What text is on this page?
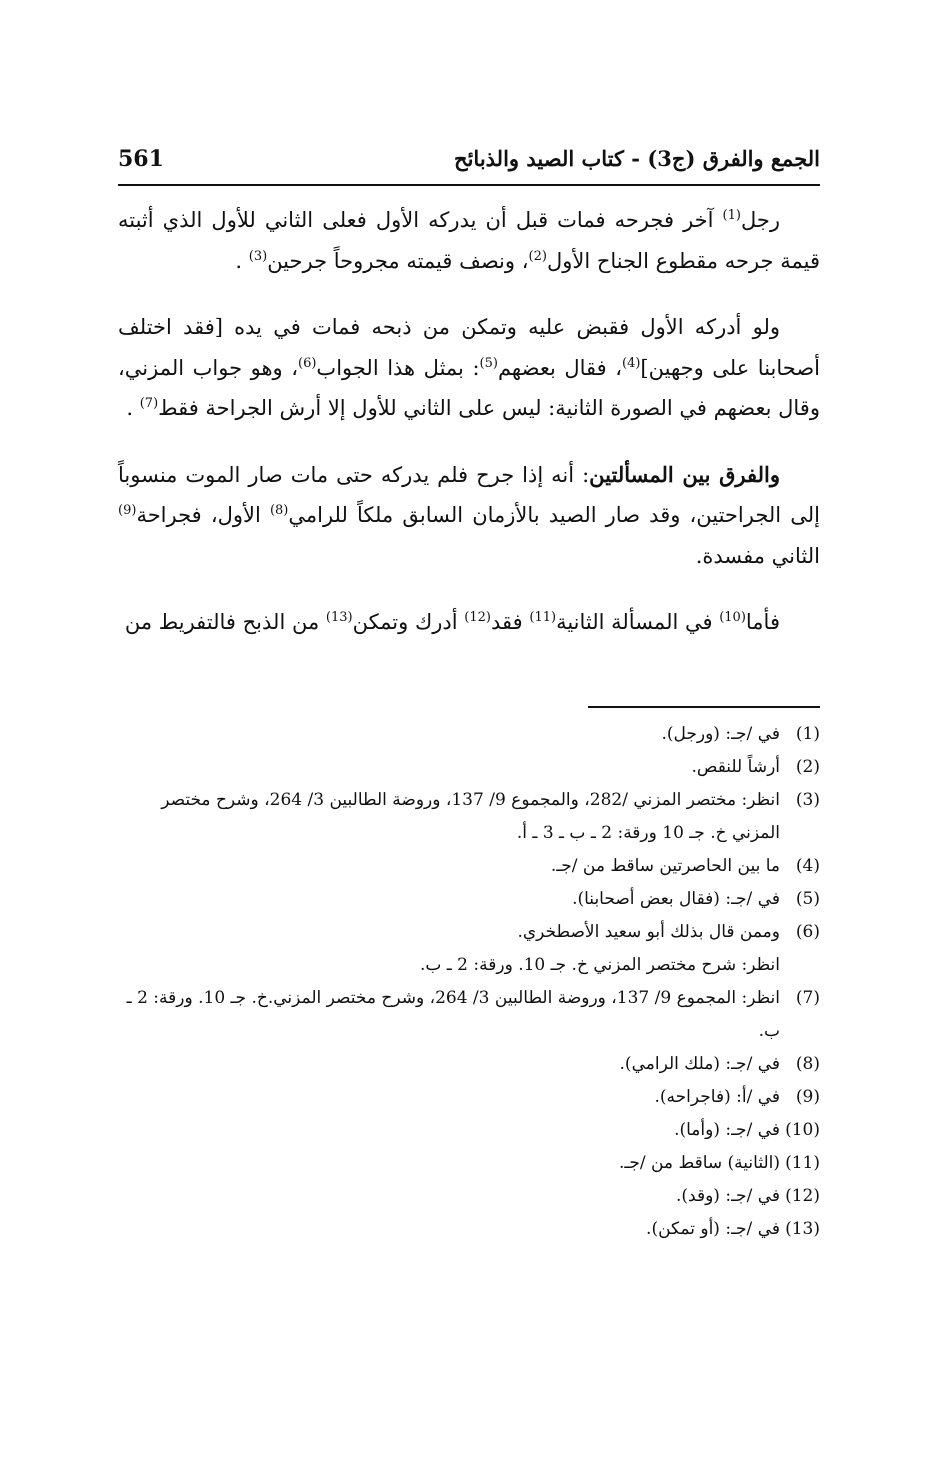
الجمع والفرق (ج3) - كتاب الصيد والذبائح
561

رجل$^{(1)}$ آخر فجرحه فمات قبل أن يدركه الأول فعلى الثاني للأول الذي أثبته قيمة جرحه مقطوع الجناح الأول$^{(2)}$، ونصف قيمته مجروحاً جرحين$^{(3)}$ .

ولو أدركه الأول فقبض عليه وتمكن من ذبحه فمات في يده [فقد اختلف أصحابنا على وجهين]$^{(4)}$، فقال بعضهم$^{(5)}$: بمثل هذا الجواب$^{(6)}$، وهو جواب المزني، وقال بعضهم في الصورة الثانية: ليس على الثاني للأول إلا أرش الجراحة فقط$^{(7)}$ .

والفرق بين المسألتين: أنه إذا جرح فلم يدركه حتى مات صار الموت منسوباً إلى الجراحتين، وقد صار الصيد بالأزمان السابق ملكاً للرامي$^{(8)}$ الأول، فجراحة$^{(9)}$ الثاني مفسدة.

فأما$^{(10)}$ في المسألة الثانية$^{(11)}$ فقد$^{(12)}$ أدرك وتمكن$^{(13)}$ من الذبح فالتفريط من

(1)
في /جـ: (ورجل).
(2)
أرشاً للنقص.
(3)
انظر: مختصر المزني /282، والمجموع 9/ 137، وروضة الطالبين 3/ 264، وشرح مختصر المزني خ. جـ 10 ورقة: 2 ـ ب ـ 3 ـ أ.
(4)
ما بين الحاصرتين ساقط من /جـ.
(5)
في /جـ: (فقال بعض أصحابنا).
(6)
وممن قال بذلك أبو سعيد الأصطخري.
انظر: شرح مختصر المزني خ. جـ 10. ورقة: 2 ـ ب.
(7)
انظر: المجموع 9/ 137، وروضة الطالبين 3/ 264، وشرح مختصر المزني.خ. جـ 10. ورقة: 2 ـ ب.
(8)
في /جـ: (ملك الرامي).
(9)
في /أ: (فاجراحه).
(10)
في /جـ: (وأما).
(11)
(الثانية) ساقط من /جـ.
(12)
في /جـ: (وقد).
(13)
في /جـ: (أو تمكن).
